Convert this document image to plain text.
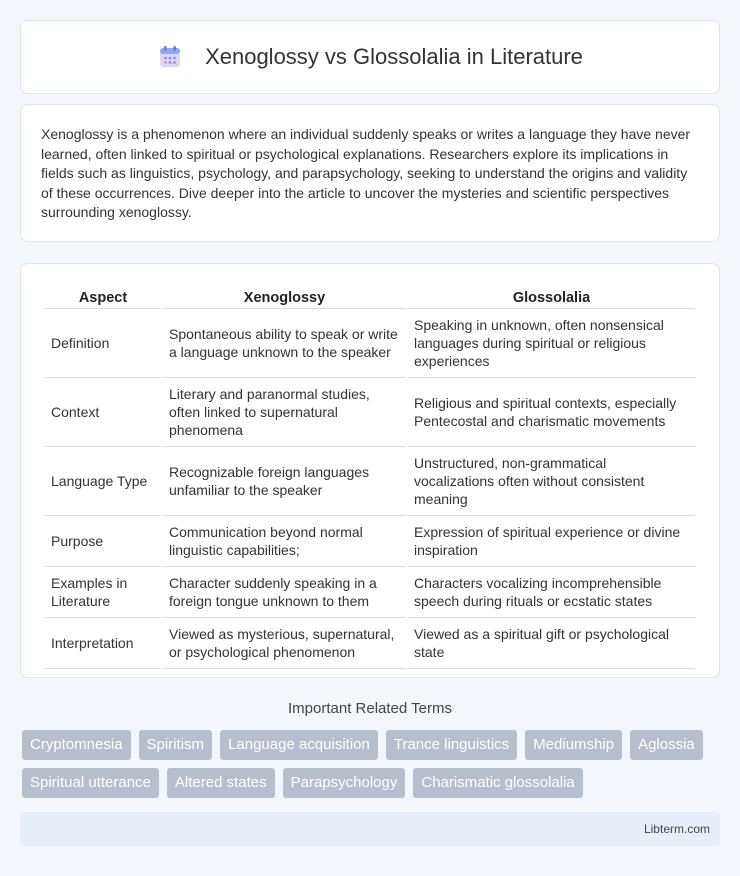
Xenoglossy vs Glossolalia in Literature

Xenoglossy is a phenomenon where an individual suddenly speaks or writes a language they have never learned, often linked to spiritual or psychological explanations. Researchers explore its implications in fields such as linguistics, psychology, and parapsychology, seeking to understand the origins and validity of these occurrences. Dive deeper into the article to uncover the mysteries and scientific perspectives surrounding xenoglossy.

Aspect	Xenoglossy	Glossolalia
Definition	Spontaneous ability to speak or write a language unknown to the speaker	Speaking in unknown, often nonsensical languages during spiritual or religious experiences
Context	Literary and paranormal studies, often linked to supernatural phenomena	Religious and spiritual contexts, especially Pentecostal and charismatic movements
Language Type	Recognizable foreign languages unfamiliar to the speaker	Unstructured, non-grammatical vocalizations often without consistent meaning
Purpose	Communication beyond normal linguistic capabilities;	Expression of spiritual experience or divine inspiration
Examples in Literature	Character suddenly speaking in a foreign tongue unknown to them	Characters vocalizing incomprehensible speech during rituals or ecstatic states
Interpretation	Viewed as mysterious, supernatural, or psychological phenomenon	Viewed as a spiritual gift or psychological state
Important Related Terms
Cryptomnesia	Spiritism	Language acquisition	Trance linguistics	Mediumship	Aglossia
Spiritual utterance	Altered states	Parapsychology	Charismatic glossolalia
Libterm.com
